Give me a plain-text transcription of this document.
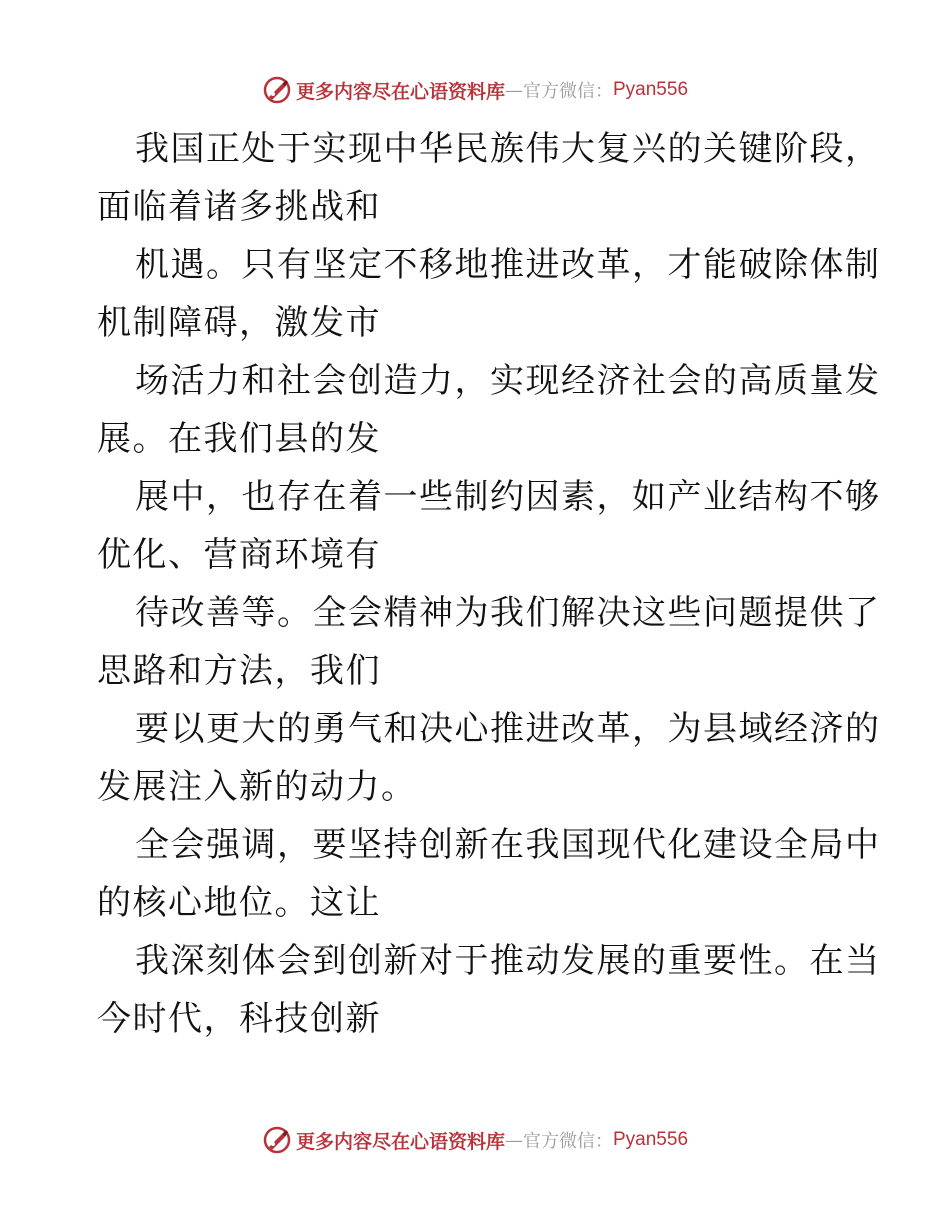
更多内容尽在心语资料库 — 官方微信： Pyan556

我国正处于实现中华民族伟大复兴的关键阶段，
面临着诸多挑战和

机遇。只有坚定不移地推进改革，才能破除体制
机制障碍，激发市

场活力和社会创造力，实现经济社会的高质量发
展。在我们县的发

展中，也存在着一些制约因素，如产业结构不够
优化、营商环境有

待改善等。全会精神为我们解决这些问题提供了
思路和方法，我们

要以更大的勇气和决心推进改革，为县域经济的
发展注入新的动力。

全会强调，要坚持创新在我国现代化建设全局中
的核心地位。这让

我深刻体会到创新对于推动发展的重要性。在当
今时代，科技创新

更多内容尽在心语资料库 — 官方微信： Pyan556
